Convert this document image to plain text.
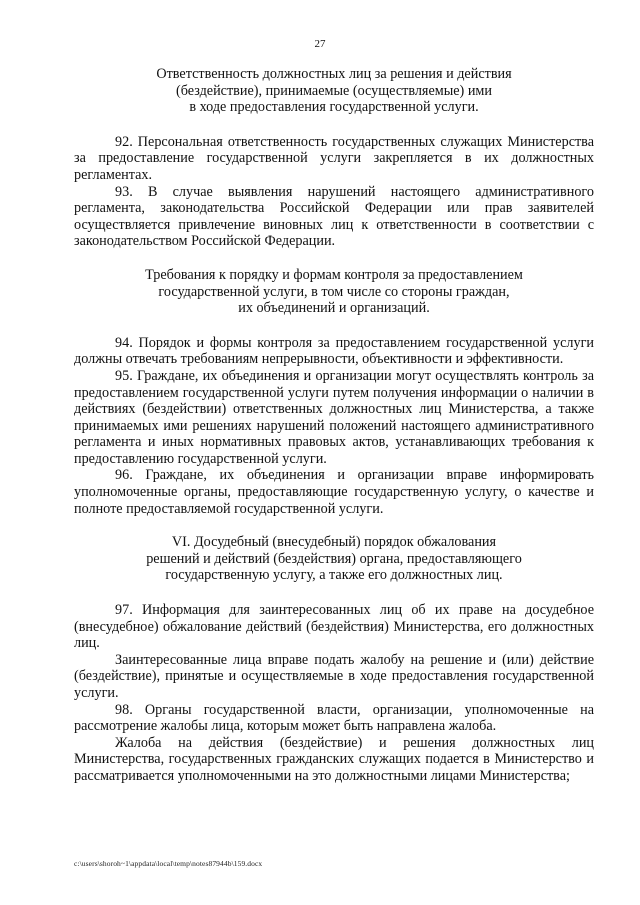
27
Ответственность должностных лиц за решения и действия
(бездействие), принимаемые (осуществляемые) ими
в ходе предоставления государственной услуги.

92. Персональная ответственность государственных служащих Министерства за предоставление государственной услуги закрепляется в их должностных регламентах.

93. В случае выявления нарушений настоящего административного регламента, законодательства Российской Федерации или прав заявителей осуществляется привлечение виновных лиц к ответственности в соответствии с законодательством Российской Федерации.

Требования к порядку и формам контроля за предоставлением
государственной услуги, в том числе со стороны граждан,
их объединений и организаций.

94. Порядок и формы контроля за предоставлением государственной услуги должны отвечать требованиям непрерывности, объективности и эффективности.

95. Граждане, их объединения и организации могут осуществлять контроль за предоставлением государственной услуги путем получения информации о наличии в действиях (бездействии) ответственных должностных лиц Министерства, а также принимаемых ими решениях нарушений положений настоящего административного регламента и иных нормативных правовых актов, устанавливающих требования к предоставлению государственной услуги.

96. Граждане, их объединения и организации вправе информировать уполномоченные органы, предоставляющие государственную услугу, о качестве и полноте предоставляемой государственной услуги.

VI. Досудебный (внесудебный) порядок обжалования
решений и действий (бездействия) органа, предоставляющего
государственную услугу, а также его должностных лиц.

97. Информация для заинтересованных лиц об их праве на досудебное (внесудебное) обжалование действий (бездействия) Министерства, его должностных лиц.

Заинтересованные лица вправе подать жалобу на решение и (или) действие (бездействие), принятые и осуществляемые в ходе предоставления государственной услуги.

98. Органы государственной власти, организации, уполномоченные на рассмотрение жалобы лица, которым может быть направлена жалоба.

Жалоба на действия (бездействие) и решения должностных лиц Министерства, государственных гражданских служащих подается в Министерство и рассматривается уполномоченными на это должностными лицами Министерства;

c:\users\shoroh~1\appdata\local\temp\notes87944b\159.docx
